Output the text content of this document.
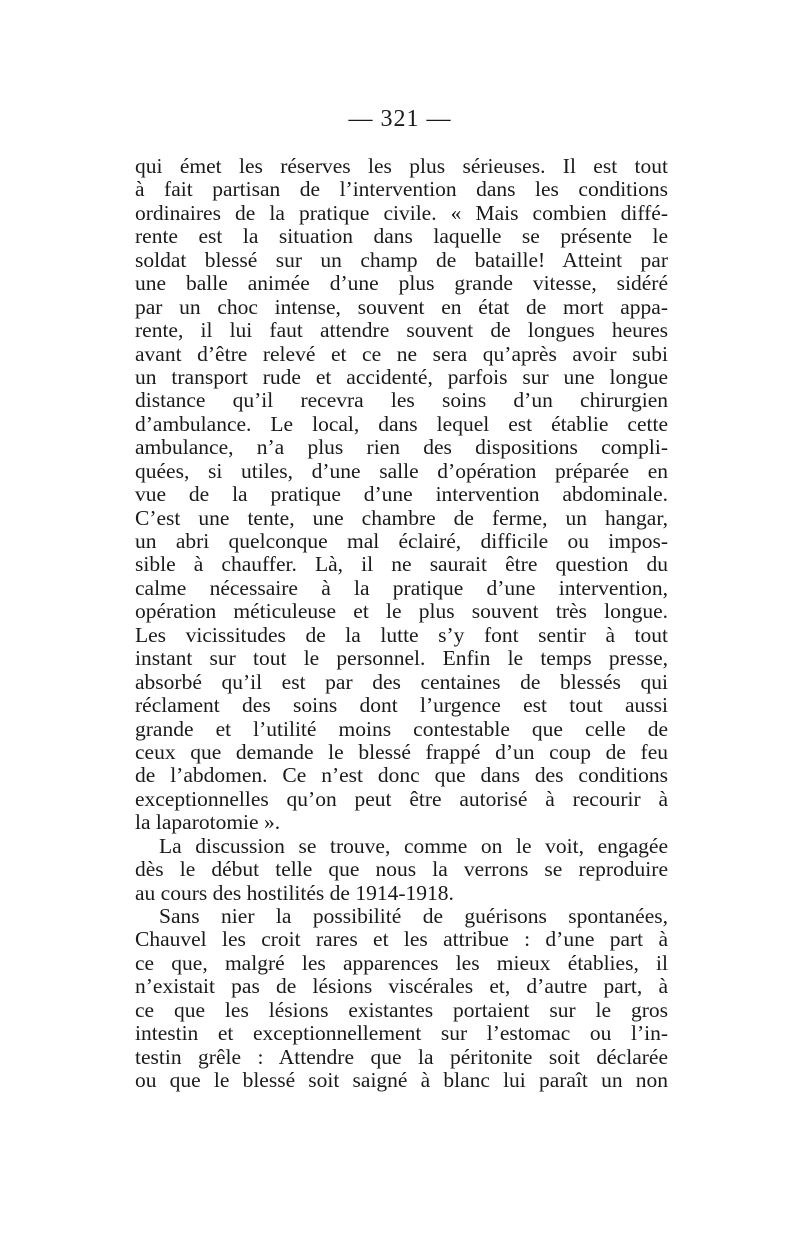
— 321 —
qui émet les réserves les plus sérieuses. Il est tout
à fait partisan de l’intervention dans les conditions
ordinaires de la pratique civile. « Mais combien diffé-
rente est la situation dans laquelle se présente le
soldat blessé sur un champ de bataille! Atteint par
une balle animée d’une plus grande vitesse, sidéré
par un choc intense, souvent en état de mort appa-
rente, il lui faut attendre souvent de longues heures
avant d’être relevé et ce ne sera qu’après avoir subi
un transport rude et accidenté, parfois sur une longue
distance qu’il recevra les soins d’un chirurgien
d’ambulance. Le local, dans lequel est établie cette
ambulance, n’a plus rien des dispositions compli-
quées, si utiles, d’une salle d’opération préparée en
vue de la pratique d’une intervention abdominale.
C’est une tente, une chambre de ferme, un hangar,
un abri quelconque mal éclairé, difficile ou impos-
sible à chauffer. Là, il ne saurait être question du
calme nécessaire à la pratique d’une intervention,
opération méticuleuse et le plus souvent très longue.
Les vicissitudes de la lutte s’y font sentir à tout
instant sur tout le personnel. Enfin le temps presse,
absorbé qu’il est par des centaines de blessés qui
réclament des soins dont l’urgence est tout aussi
grande et l’utilité moins contestable que celle de
ceux que demande le blessé frappé d’un coup de feu
de l’abdomen. Ce n’est donc que dans des conditions
exceptionnelles qu’on peut être autorisé à recourir à
la laparotomie ».
La discussion se trouve, comme on le voit, engagée
dès le début telle que nous la verrons se reproduire
au cours des hostilités de 1914-1918.
Sans nier la possibilité de guérisons spontanées,
Chauvel les croit rares et les attribue : d’une part à
ce que, malgré les apparences les mieux établies, il
n’existait pas de lésions viscérales et, d’autre part, à
ce que les lésions existantes portaient sur le gros
intestin et exceptionnellement sur l’estomac ou l’in-
testin grêle : Attendre que la péritonite soit déclarée
ou que le blessé soit saigné à blanc lui paraît un non
